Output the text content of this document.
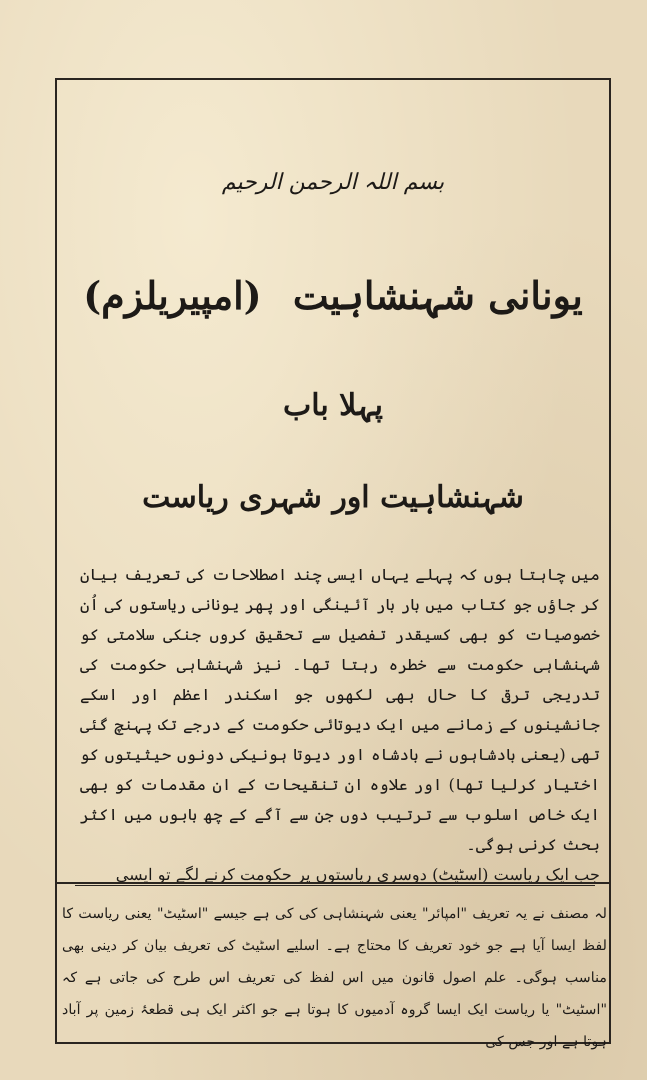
بسم اللہ الرحمن الرحیم
یونانی شہنشاہیت (امپیریلزم)
پہلا باب
شہنشاہیت اور شہری ریاست

میں چاہتا ہوں کہ پہلے یہاں ایسی چند اصطلاحات کی تعریف بیان کر جاؤں جو کتاب میں بار بار آئینگی اور پھر یونانی ریاستوں کی اُن خصوصیات کو بھی کسیقدر تفصیل سے تحقیق کروں جنکی سلامتی کو شہنشاہی حکومت سے خطرہ رہتا تھا۔ نیز شہنشاہی حکومت کی تدریجی ترقی کا حال بھی لکھوں جو اسکندر اعظم اور اسکے جانشینوں کے زمانے میں ایک دیوتائی حکومت کے درجے تک پہنچ گئی تھی (یعنی بادشاہوں نے بادشاہ اور دیوتا ہونیکی دونوں حیثیتوں کو اختیار کرلیا تھا) اور علاوہ ان تنقیحات کے ان مقدمات کو بھی ایک خاص اسلوب سے ترتیب دوں جن سے آگے کے چھ بابوں میں اکثر بحث کرنی ہوگی۔

جب ایک ریاست (اسٹیٹ) دوسری ریاستوں پر حکومت کرنے لگے تو ایسی

لہ مصنف نے یہ تعریف "امپائر" یعنی شہنشاہی کی کی ہے جیسے "اسٹیٹ" یعنی ریاست کا لفظ ایسا آیا ہے جو خود تعریف کا محتاج ہے۔ اسلیے اسٹیٹ کی تعریف بیان کر دینی بھی مناسب ہوگی۔ علم اصول قانون میں اس لفظ کی تعریف اس طرح کی جاتی ہے کہ "اسٹیٹ" یا ریاست ایک ایسا گروہ آدمیوں کا ہوتا ہے جو اکثر ایک ہی قطعۂ زمین پر آباد ہوتا ہے اور جس کی
